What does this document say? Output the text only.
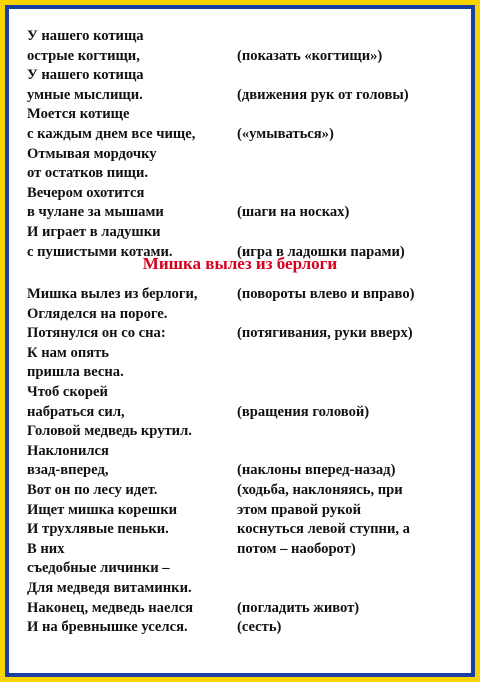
У нашего котища
острые когтищи,
У нашего котища
умные мыслищи.
Моется котище
с каждым днем все чище,
Отмывая мордочку
от остатков пищи.
Вечером охотится
в чулане за мышами
И играет в ладушки
с пушистыми котами.
(показать «когтищи»)
(движения рук от головы)
(«умываться»)
(шаги на носках)
(игра в ладошки парами)
Мишка вылез из берлоги
Мишка вылез из берлоги,
Огляделся на пороге.
Потянулся он со сна:
К нам опять
пришла весна.
Чтоб скорей
набраться сил,
Головой медведь крутил.
Наклонился
взад-вперед,
Вот он по лесу идет.
Ищет мишка корешки
И трухлявые пеньки.
В них
съедобные личинки –
Для медведя витаминки.
Наконец, медведь наелся
И на бревнышке уселся.
(повороты влево и вправо)
(потягивания, руки вверх)
(вращения головой)
(наклоны вперед-назад)
(ходьба, наклоняясь, при
этом правой рукой
коснуться левой ступни, а
потом – наоборот)
(погладить живот)
(сесть)
